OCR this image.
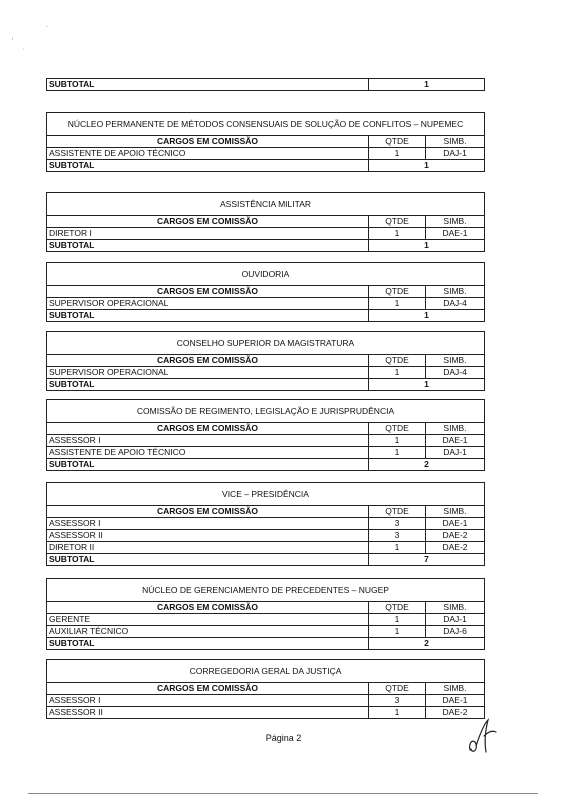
'
·
.
SUBTOTAL	1
NÚCLEO PERMANENTE DE MÉTODOS CONSENSUAIS DE SOLUÇÃO DE CONFLITOS – NUPEMEC		
CARGOS EM COMISSÃO	QTDE	SIMB.
ASSISTENTE DE APOIO TÉCNICO	1	DAJ-1
SUBTOTAL	1	
ASSISTÊNCIA MILITAR		
CARGOS EM COMISSÃO	QTDE	SIMB.
DIRETOR I	1	DAE-1
SUBTOTAL	1	
OUVIDORIA		
CARGOS EM COMISSÃO	QTDE	SIMB.
SUPERVISOR OPERACIONAL	1	DAJ-4
SUBTOTAL	1	
CONSELHO SUPERIOR DA MAGISTRATURA		
CARGOS EM COMISSÃO	QTDE	SIMB.
SUPERVISOR OPERACIONAL	1	DAJ-4
SUBTOTAL	1	
COMISSÃO DE REGIMENTO, LEGISLAÇÃO E JURISPRUDÊNCIA		
CARGOS EM COMISSÃO	QTDE	SIMB.
ASSESSOR I	1	DAE-1
ASSISTENTE DE APOIO TÉCNICO	1	DAJ-1
SUBTOTAL	2	
VICE – PRESIDÊNCIA		
CARGOS EM COMISSÃO	QTDE	SIMB.
ASSESSOR I	3	DAE-1
ASSESSOR II	3	DAE-2
DIRETOR II	1	DAE-2
SUBTOTAL	7	
NÚCLEO DE GERENCIAMENTO DE PRECEDENTES – NUGEP		
CARGOS EM COMISSÃO	QTDE	SIMB.
GERENTE	1	DAJ-1
AUXILIAR TÉCNICO	1	DAJ-6
SUBTOTAL	2	
CORREGEDORIA GERAL DA JUSTIÇA		
CARGOS EM COMISSÃO	QTDE	SIMB.
ASSESSOR I	3	DAE-1
ASSESSOR II	1	DAE-2
Página 2
